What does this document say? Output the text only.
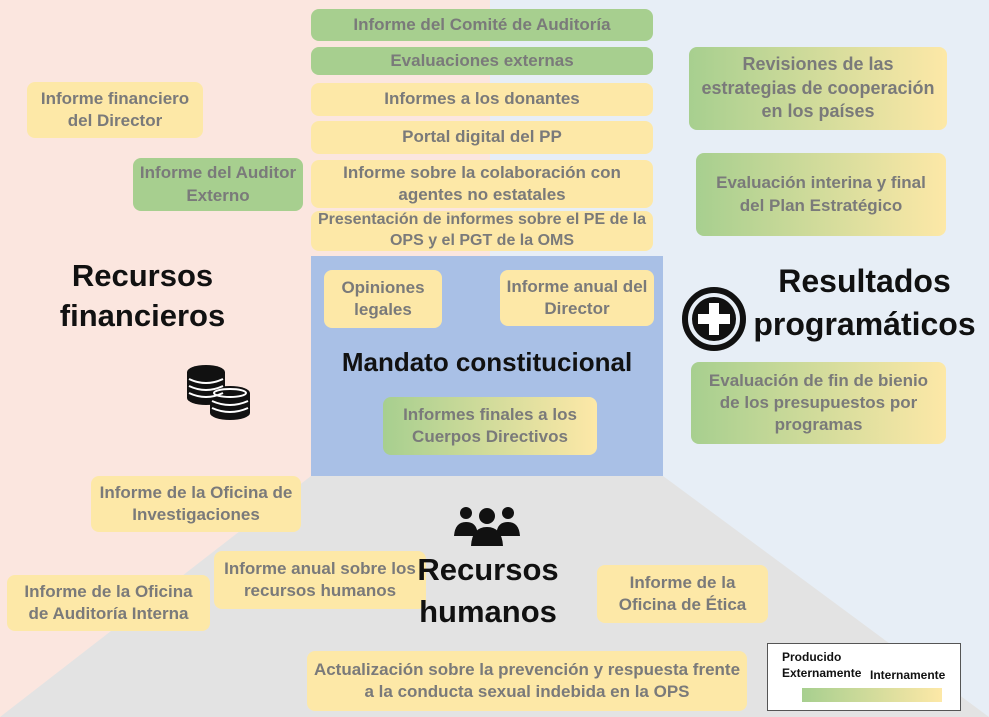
Informe del Comité de Auditoría
Evaluaciones externas
Informes a los donantes
Portal digital del PP
Informe sobre la colaboración con agentes no estatales
Presentación de informes sobre el PE de la OPS y el PGT de la OMS
Informe financiero del Director
Informe del Auditor Externo
Recursos
financieros
Revisiones de las estrategias de cooperación en los países
Evaluación interina y final del Plan Estratégico
Resultados
programáticos
Evaluación de fin de bienio de los presupuestos por programas
Opiniones legales
Informe anual del Director
Mandato constitucional
Informes finales a los Cuerpos Directivos
Informe de la Oficina de Investigaciones
Informe anual sobre los recursos humanos
Informe de la Oficina de Auditoría Interna
Informe de la Oficina de Ética
Recursos
humanos
Actualización sobre la prevención y respuesta frente a la conducta sexual indebida en la OPS
Producido
Externamente Internamente
